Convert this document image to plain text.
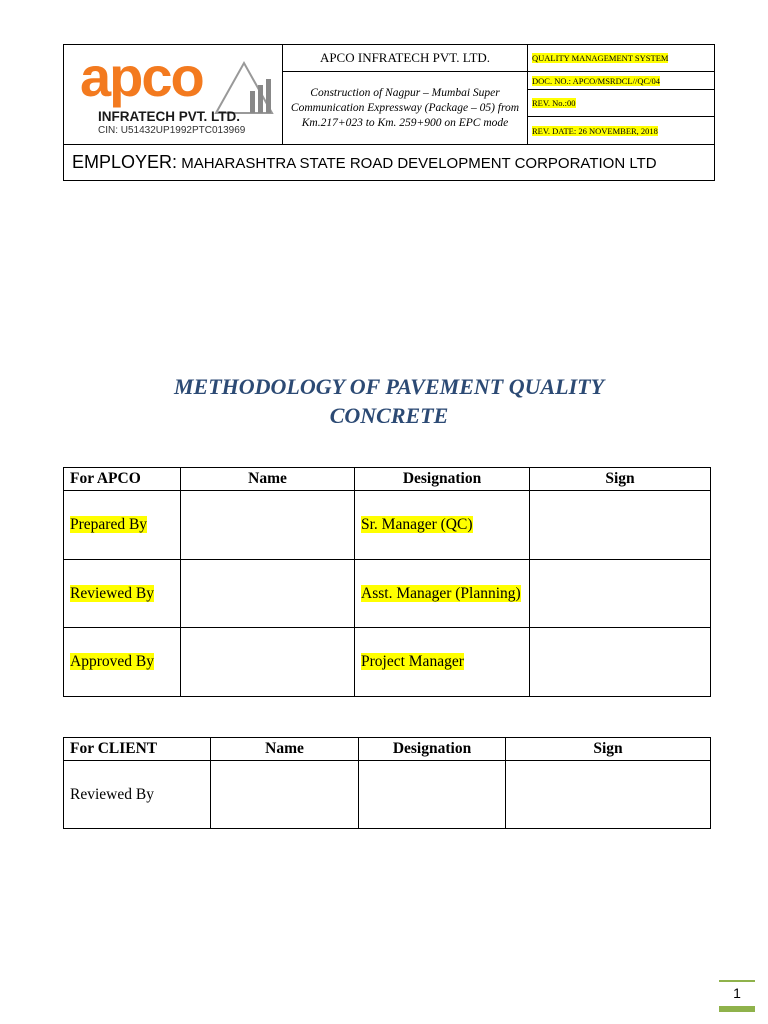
apco
INFRATECH PVT. LTD.
CIN: U51432UP1992PTC013969	APCO INFRATECH PVT. LTD.	QUALITY MANAGEMENT SYSTEM
	Construction of Nagpur – Mumbai Super Communication Expressway (Package – 05) from Km.217+023 to Km. 259+900 on EPC mode	DOC. NO.: APCO/MSRDCL//QC/04
		REV. No.:00
		REV. DATE: 26 NOVEMBER, 2018
EMPLOYER: MAHARASHTRA STATE ROAD DEVELOPMENT CORPORATION LTD		
METHODOLOGY OF PAVEMENT QUALITY
CONCRETE
For APCO	Name	Designation	Sign
Prepared By		Sr. Manager (QC)	
Reviewed By		Asst. Manager (Planning)	
Approved By		Project Manager	
For CLIENT	Name	Designation	Sign
Reviewed By			
1
